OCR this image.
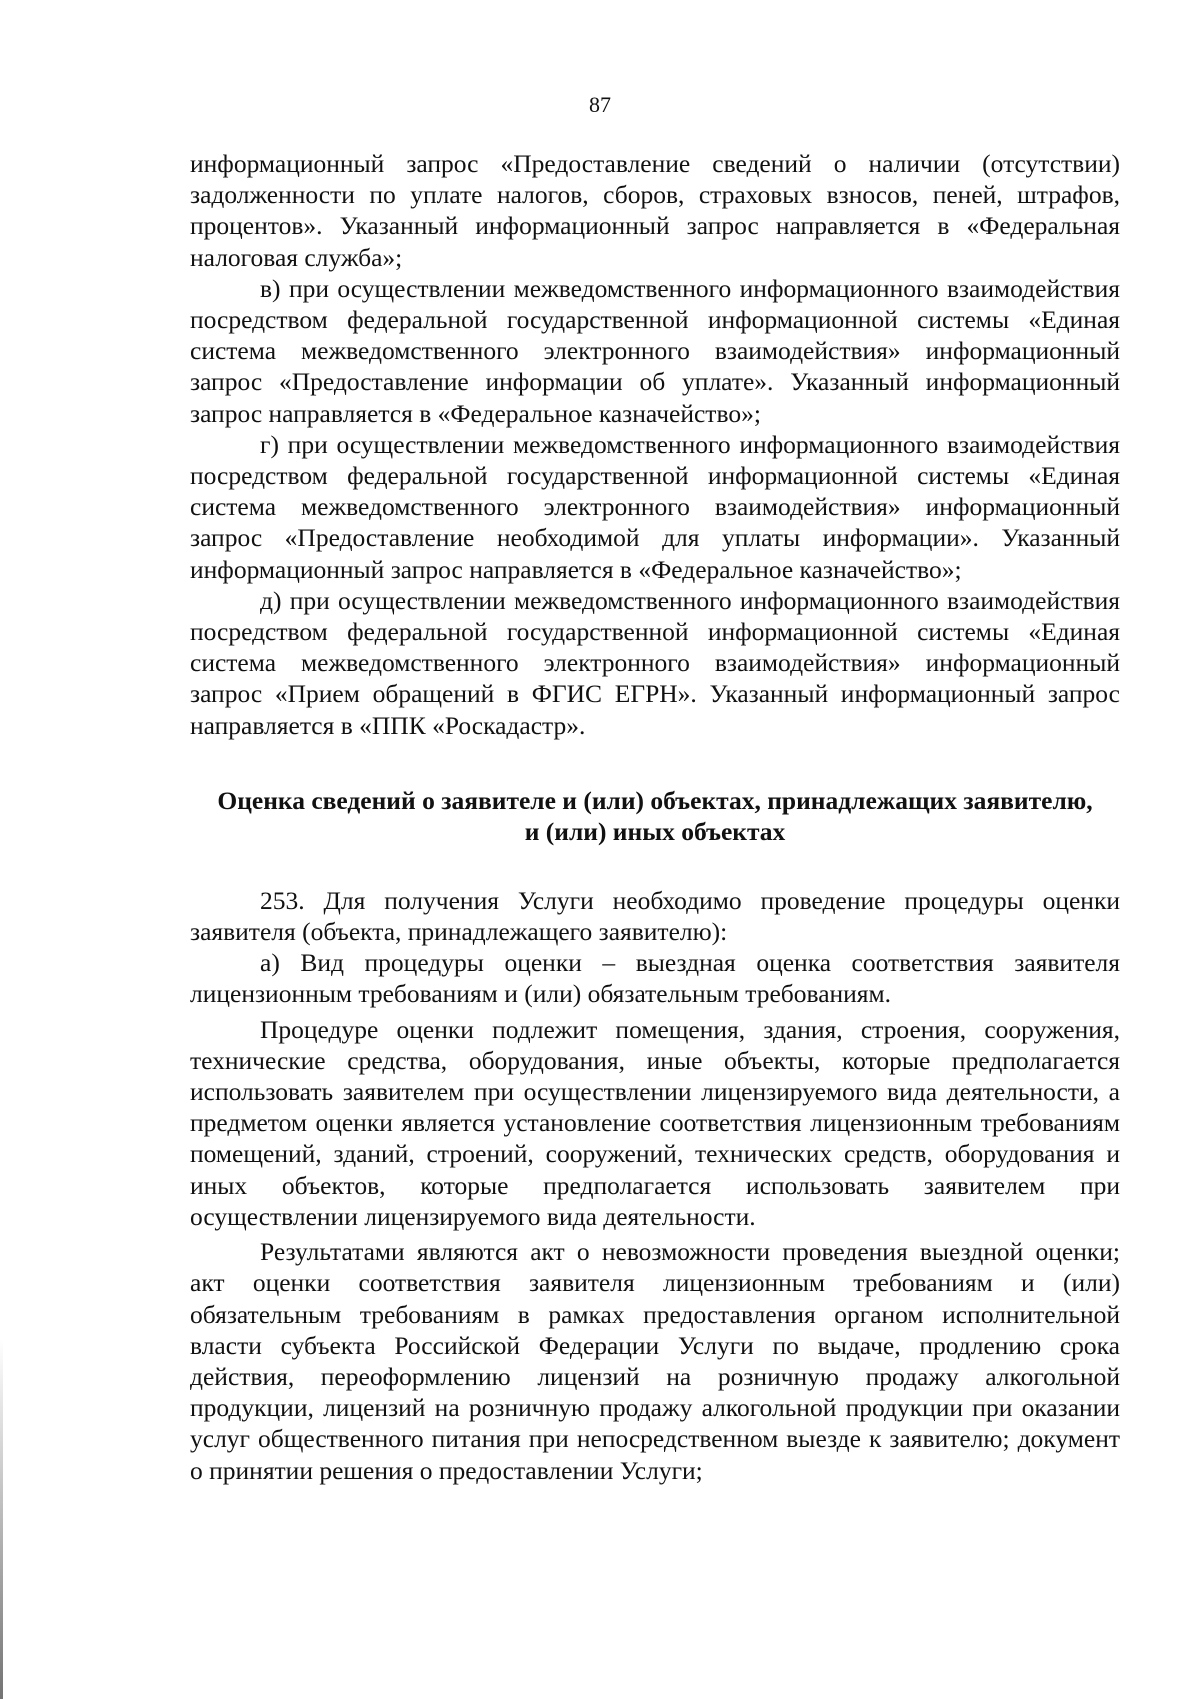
87

информационный запрос «Предоставление сведений о наличии (отсутствии) задолженности по уплате налогов, сборов, страховых взносов, пеней, штрафов, процентов». Указанный информационный запрос направляется в «Федеральная налоговая служба»;

в) при осуществлении межведомственного информационного взаимодействия посредством федеральной государственной информационной системы «Единая система межведомственного электронного взаимодействия» информационный запрос «Предоставление информации об уплате». Указанный информационный запрос направляется в «Федеральное казначейство»;

г) при осуществлении межведомственного информационного взаимодействия посредством федеральной государственной информационной системы «Единая система межведомственного электронного взаимодействия» информационный запрос «Предоставление необходимой для уплаты информации». Указанный информационный запрос направляется в «Федеральное казначейство»;

д) при осуществлении межведомственного информационного взаимодействия посредством федеральной государственной информационной системы «Единая система межведомственного электронного взаимодействия» информационный запрос «Прием обращений в ФГИС ЕГРН». Указанный информационный запрос направляется в «ППК «Роскадастр».

Оценка сведений о заявителе и (или) объектах, принадлежащих заявителю,
и (или) иных объектах

253. Для получения Услуги необходимо проведение процедуры оценки заявителя (объекта, принадлежащего заявителю):

а) Вид процедуры оценки – выездная оценка соответствия заявителя лицензионным требованиям и (или) обязательным требованиям.

Процедуре оценки подлежит помещения, здания, строения, сооружения, технические средства, оборудования, иные объекты, которые предполагается использовать заявителем при осуществлении лицензируемого вида деятельности, а предметом оценки является установление соответствия лицензионным требованиям помещений, зданий, строений, сооружений, технических средств, оборудования и иных объектов, которые предполагается использовать заявителем при осуществлении лицензируемого вида деятельности.

Результатами являются акт о невозможности проведения выездной оценки; акт оценки соответствия заявителя лицензионным требованиям и (или) обязательным требованиям в рамках предоставления органом исполнительной власти субъекта Российской Федерации Услуги по выдаче, продлению срока действия, переоформлению лицензий на розничную продажу алкогольной продукции, лицензий на розничную продажу алкогольной продукции при оказании услуг общественного питания при непосредственном выезде к заявителю; документ о принятии решения о предоставлении Услуги;
